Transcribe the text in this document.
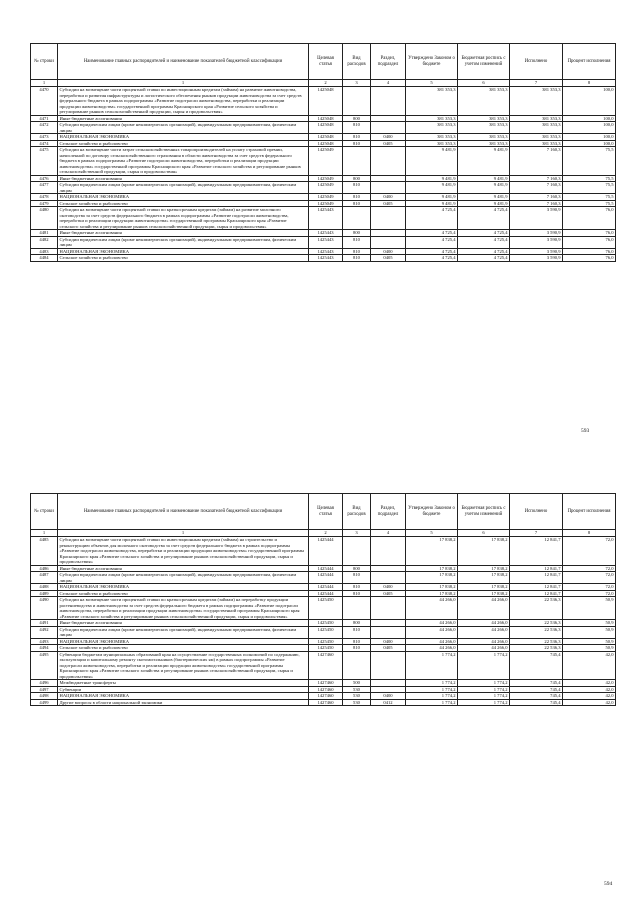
№ строки	Наименование главных распорядителей и наименование показателей бюджетной классификации	Целевая статья	Вид расходов	Раздел, подраздел	Утверждено Законом о бюджете	Бюджетная роспись с учетом изменений	Исполнено	Процент исполнения
1	1	2	3	4	5	6	7	8
4470	Субсидии на возмещение части процентной ставки по инвестиционным кредитам (займам) на развитие животноводства, переработки и развития инфраструктуры и логистического обеспечения рынков продукции животноводства за счет средств федерального бюджета в рамках подпрограммы «Развитие подотрасли животноводства, переработки и реализации продукции животноводства» государственной программы Красноярского края «Развитие сельского хозяйства и регулирование рынков сельскохозяйственной продукции, сырья и продовольствия»	1425048			381 353,3	381 353,3	381 353,3	100,0
4471	Иные бюджетные ассигнования	1425048	800		381 353,3	381 353,3	381 353,3	100,0
4472	Субсидии юридическим лицам (кроме некоммерческих организаций), индивидуальным предпринимателям, физическим лицам	1425048	810		381 353,3	381 353,3	381 353,3	100,0
4473	НАЦИОНАЛЬНАЯ ЭКОНОМИКА	1425048	810	0400	381 353,3	381 353,3	381 353,3	100,0
4474	Сельское хозяйство и рыболовство	1425048	810	0405	381 353,3	381 353,3	381 353,3	100,0
4475	Субсидии на возмещение части затрат сельскохозяйственных товаропроизводителей на уплату страховой премии, начисленной по договору сельскохозяйственного страхования в области животноводства за счет средств федерального бюджета в рамках подпрограммы «Развитие подотрасли животноводства, переработки и реализации продукции животноводства» государственной программы Красноярского края «Развитие сельского хозяйства и регулирование рынков сельскохозяйственной продукции, сырья и продовольствия»	1425049			9 481,9	9 481,9	7 160,3	75,5
4476	Иные бюджетные ассигнования	1425049	800		9 481,9	9 481,9	7 160,3	75,5
4477	Субсидии юридическим лицам (кроме некоммерческих организаций), индивидуальным предпринимателям, физическим лицам	1425049	810		9 481,9	9 481,9	7 160,3	75,5
4478	НАЦИОНАЛЬНАЯ ЭКОНОМИКА	1425049	810	0400	9 481,9	9 481,9	7 160,3	75,5
4479	Сельское хозяйство и рыболовство	1425049	810	0405	9 481,9	9 481,9	7 160,3	75,5
4480	Субсидии на возмещение части процентной ставки по краткосрочным кредитам (займам) на развитие молочного скотоводства за счет средств федерального бюджета в рамках подпрограммы «Развитие подотрасли животноводства, переработки и реализации продукции животноводства» государственной программы Красноярского края «Развитие сельского хозяйства и регулирование рынков сельскохозяйственной продукции, сырья и продовольствия»	1425443			4 725,4	4 725,4	3 590,9	76,0
4481	Иные бюджетные ассигнования	1425443	800		4 725,4	4 725,4	3 590,9	76,0
4482	Субсидии юридическим лицам (кроме некоммерческих организаций), индивидуальным предпринимателям, физическим лицам	1425443	810		4 725,4	4 725,4	3 590,9	76,0
4483	НАЦИОНАЛЬНАЯ ЭКОНОМИКА	1425443	810	0400	4 725,4	4 725,4	3 590,9	76,0
4484	Сельское хозяйство и рыболовство	1425443	810	0405	4 725,4	4 725,4	3 590,9	76,0
593
№ строки	Наименование главных распорядителей и наименование показателей бюджетной классификации	Целевая статья	Вид расходов	Раздел, подраздел	Утверждено Законом о бюджете	Бюджетная роспись с учетом изменений	Исполнено	Процент исполнения
1	1	2	3	4	5	6	7	8
4485	Субсидии на возмещение части процентной ставки по инвестиционным кредитам (займам) на строительство и реконструкцию объектов для молочного скотоводства за счет средств федерального бюджета в рамках подпрограммы «Развитие подотрасли животноводства, переработки и реализации продукции животноводства» государственной программы Красноярского края «Развитие сельского хозяйства и регулирование рынков сельскохозяйственной продукции, сырья и продовольствия»	1425444			17 838,2	17 838,2	12 841,7	72,0
4486	Иные бюджетные ассигнования	1425444	800		17 838,2	17 838,2	12 841,7	72,0
4487	Субсидии юридическим лицам (кроме некоммерческих организаций), индивидуальным предпринимателям, физическим лицам	1425444	810		17 838,2	17 838,2	12 841,7	72,0
4488	НАЦИОНАЛЬНАЯ ЭКОНОМИКА	1425444	810	0400	17 838,2	17 838,2	12 841,7	72,0
4489	Сельское хозяйство и рыболовство	1425444	810	0405	17 838,2	17 838,2	12 841,7	72,0
4490	Субсидии на возмещение части процентной ставки по краткосрочным кредитам (займам) на переработку продукции растениеводства и животноводства за счет средств федерального бюджета в рамках подпрограммы «Развитие подотрасли животноводства, переработки и реализации продукции животноводства» государственной программы Красноярского края «Развитие сельского хозяйства и регулирование рынков сельскохозяйственной продукции, сырья и продовольствия»	1425450			44 266,0	44 266,0	22 536,3	50,9
4491	Иные бюджетные ассигнования	1425450	800		44 266,0	44 266,0	22 536,3	50,9
4492	Субсидии юридическим лицам (кроме некоммерческих организаций), индивидуальным предпринимателям, физическим лицам	1425450	810		44 266,0	44 266,0	22 536,3	50,9
4493	НАЦИОНАЛЬНАЯ ЭКОНОМИКА	1425450	810	0400	44 266,0	44 266,0	22 536,3	50,9
4494	Сельское хозяйство и рыболовство	1425450	810	0405	44 266,0	44 266,0	22 536,3	50,9
4495	Субвенции бюджетам муниципальных образований края на осуществление государственных полномочий по содержанию, эксплуатации и капитальному ремонту скотомогильников (биотермических ям) в рамках подпрограммы «Развитие подотрасли животноводства, переработки и реализации продукции животноводства» государственной программы Красноярского края «Развитие сельского хозяйства и регулирование рынков сельскохозяйственной продукции, сырья и продовольствия»	1427460			1 774,2	1 774,2	745,4	42,0
4496	Межбюджетные трансферты	1427460	500		1 774,2	1 774,2	745,4	42,0
4497	Субвенции	1427460	530		1 774,2	1 774,2	745,4	42,0
4498	НАЦИОНАЛЬНАЯ ЭКОНОМИКА	1427460	530	0400	1 774,2	1 774,2	745,4	42,0
4499	Другие вопросы в области национальной экономики	1427460	530	0412	1 774,2	1 774,2	745,4	42,0
594
